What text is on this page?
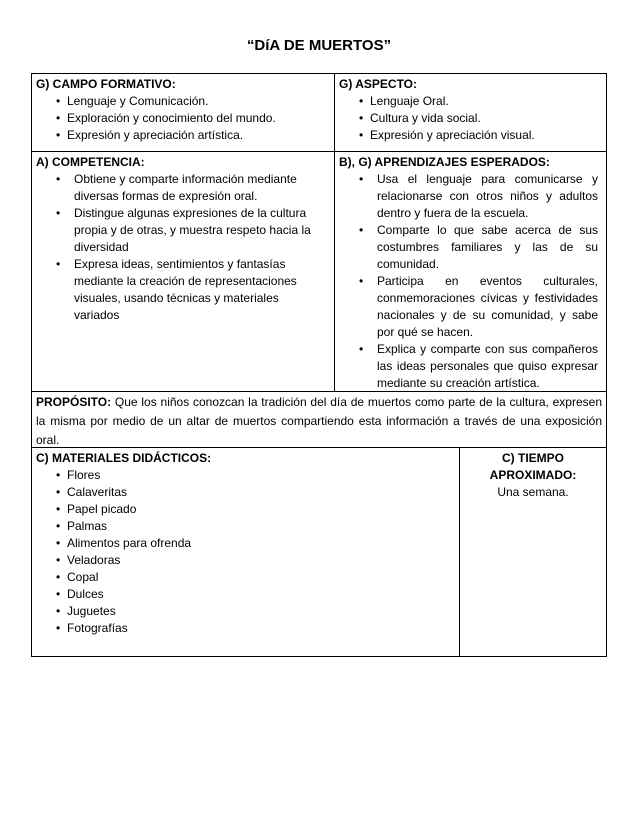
“DíA DE MUERTOS”
G) CAMPO FORMATIVO:
• Lenguaje y Comunicación.
• Exploración y conocimiento del mundo.
• Expresión y apreciación artística.
G) ASPECTO:
• Lenguaje Oral.
• Cultura y vida social.
• Expresión y apreciación visual.
A) COMPETENCIA:
• Obtiene y comparte información mediante diversas formas de expresión oral.
• Distingue algunas expresiones de la cultura propia y de otras, y muestra respeto hacia la diversidad
• Expresa ideas, sentimientos y fantasías mediante la creación de representaciones visuales, usando técnicas y materiales variados
B), G) APRENDIZAJES ESPERADOS:
• Usa el lenguaje para comunicarse y relacionarse con otros niños y adultos dentro y fuera de la escuela.
• Comparte lo que sabe acerca de sus costumbres familiares y las de su comunidad.
• Participa en eventos culturales, conmemoraciones cívicas y festividades nacionales y de su comunidad, y sabe por qué se hacen.
• Explica y comparte con sus compañeros las ideas personales que quiso expresar mediante su creación artística.
PROPÓSITO: Que los niños conozcan la tradición del día de muertos como parte de la cultura, expresen la misma por medio de un altar de muertos compartiendo esta información a través de una exposición oral.
C) MATERIALES DIDÁCTICOS:
• Flores
• Calaveritas
• Papel picado
• Palmas
• Alimentos para ofrenda
• Veladoras
• Copal
• Dulces
• Juguetes
• Fotografías
C) TIEMPO
APROXIMADO:
Una semana.
